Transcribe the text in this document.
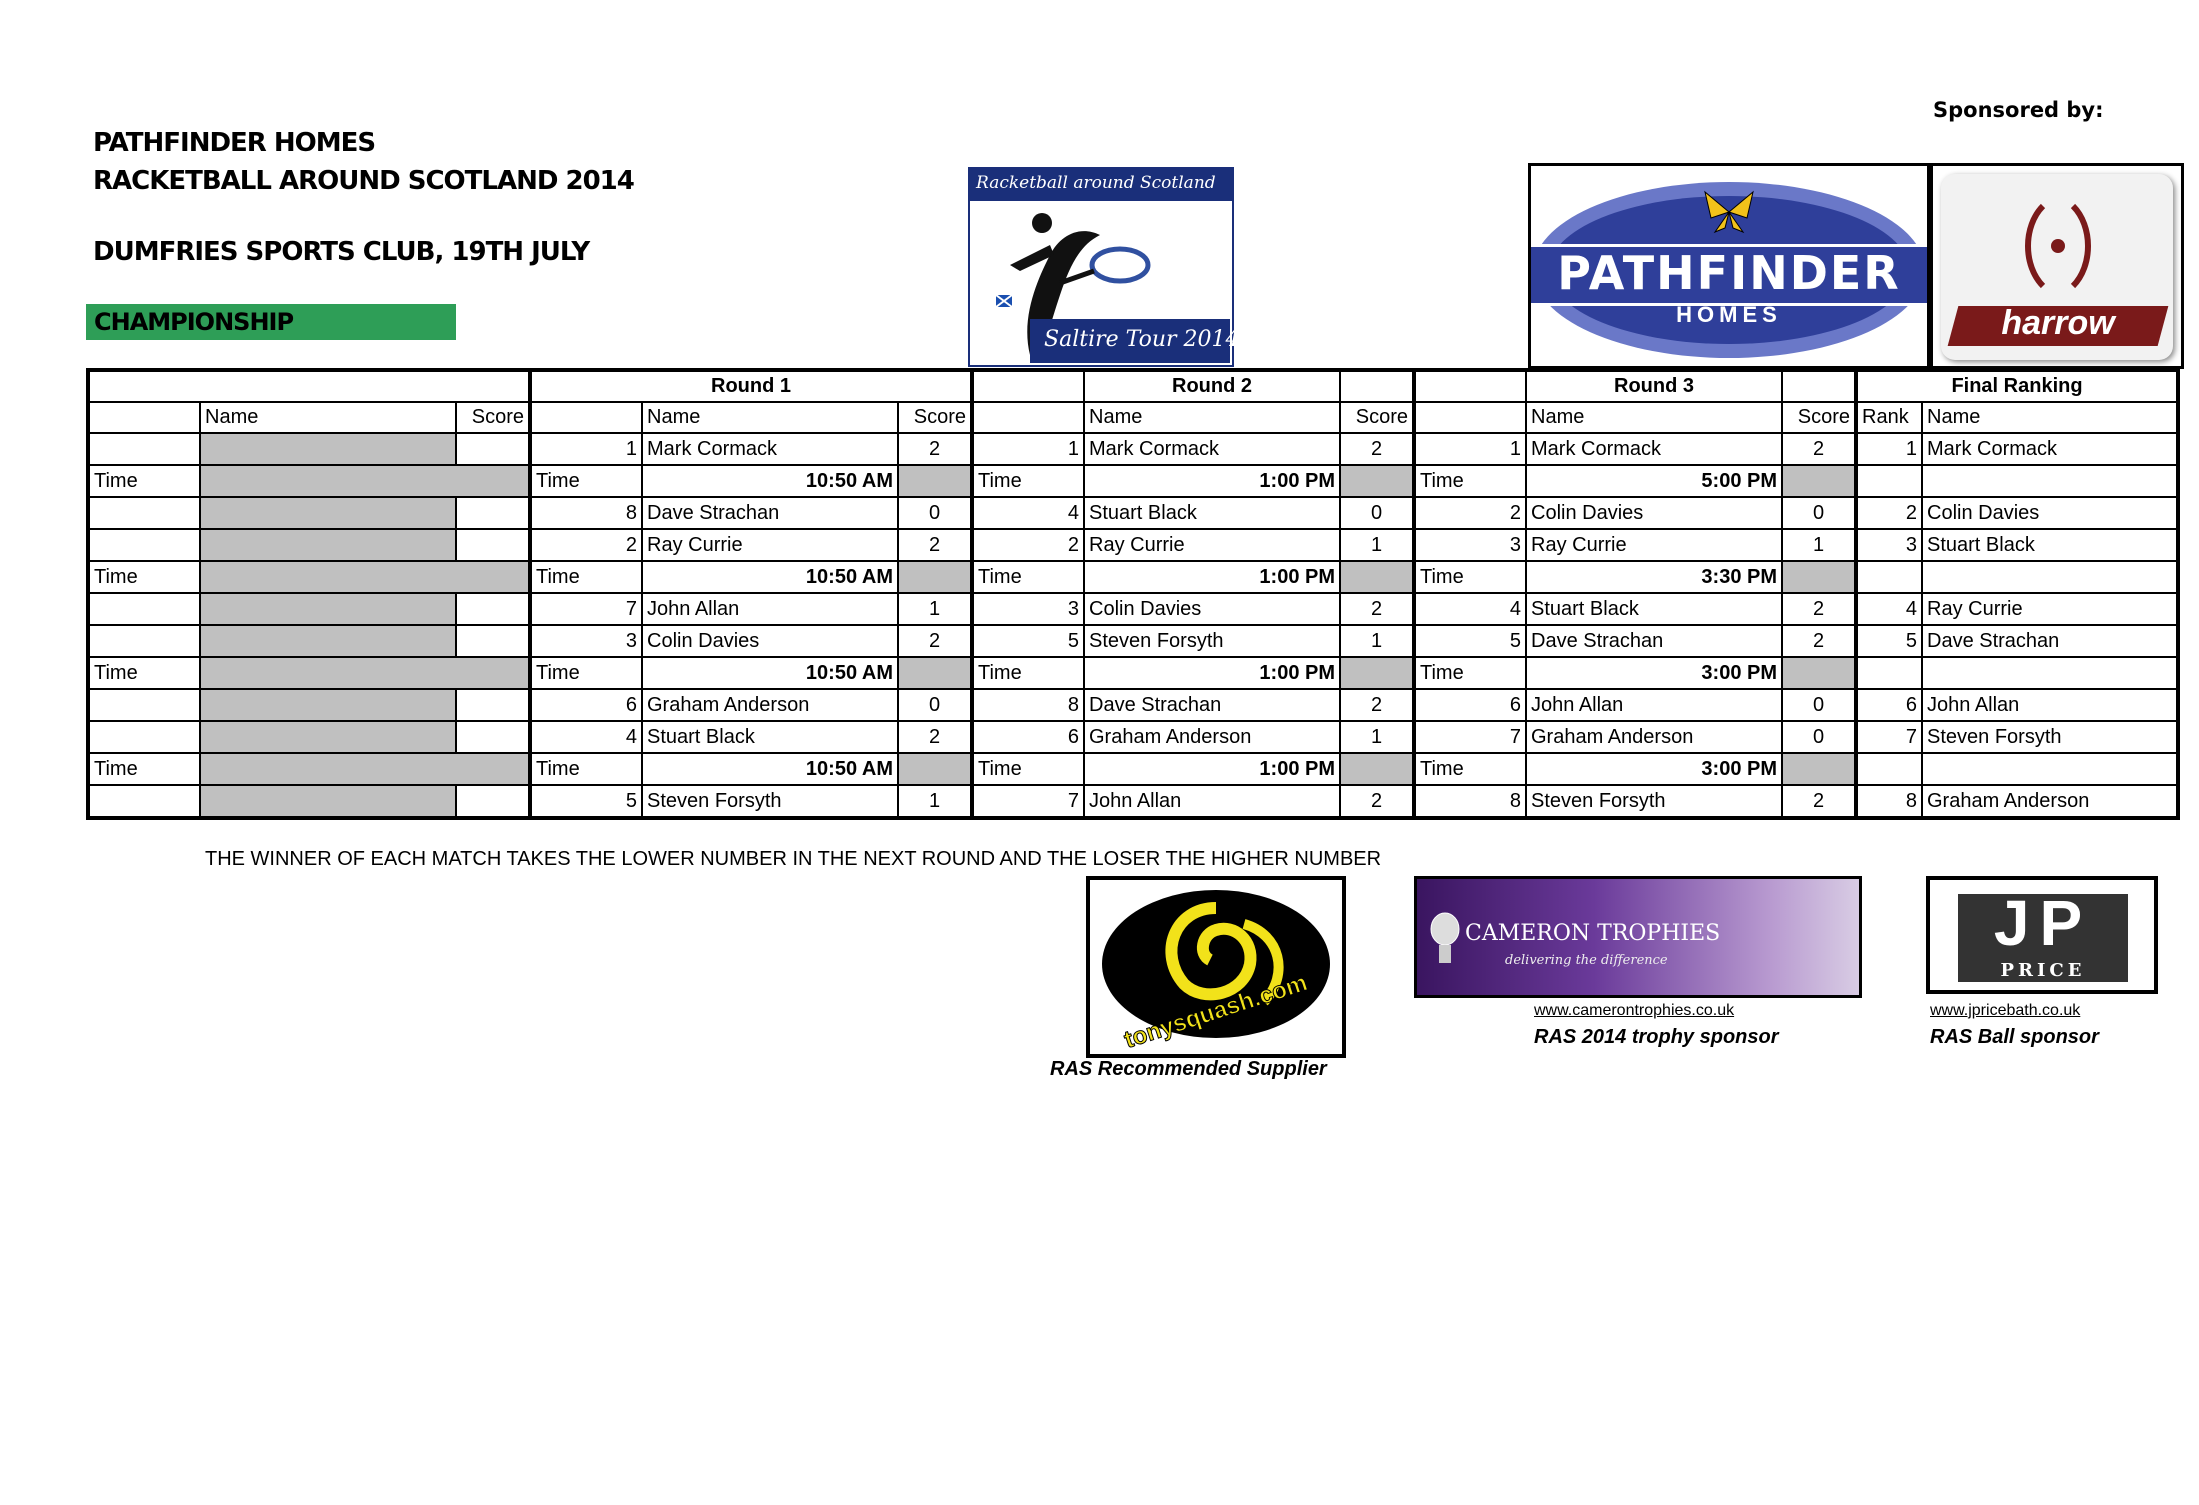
Sponsored by:
PATHFINDER HOMES
RACKETBALL AROUND SCOTLAND 2014
DUMFRIES SPORTS CLUB, 19TH JULY
CHAMPIONSHIP
Racketball around Scotland
Saltire Tour 2014
PATHFINDER
HOMES	harrow
			Round 1				Round 2			Round 3		Final Ranking	
	Name	Score		Name	Score		Name	Score		Name	Score	Rank	Name
			1	Mark Cormack	2	1	Mark Cormack	2	1	Mark Cormack	2	1	Mark Cormack
Time			Time	10:50 AM		Time	1:00 PM		Time	5:00 PM			
			8	Dave Strachan	0	4	Stuart Black	0	2	Colin Davies	0	2	Colin Davies
			2	Ray Currie	2	2	Ray Currie	1	3	Ray Currie	1	3	Stuart Black
Time			Time	10:50 AM		Time	1:00 PM		Time	3:30 PM			
			7	John Allan	1	3	Colin Davies	2	4	Stuart Black	2	4	Ray Currie
			3	Colin Davies	2	5	Steven Forsyth	1	5	Dave Strachan	2	5	Dave Strachan
Time			Time	10:50 AM		Time	1:00 PM		Time	3:00 PM			
			6	Graham Anderson	0	8	Dave Strachan	2	6	John Allan	0	6	John Allan
			4	Stuart Black	2	6	Graham Anderson	1	7	Graham Anderson	0	7	Steven Forsyth
Time			Time	10:50 AM		Time	1:00 PM		Time	3:00 PM			
			5	Steven Forsyth	1	7	John Allan	2	8	Steven Forsyth	2	8	Graham Anderson
THE WINNER OF EACH MATCH TAKES THE LOWER NUMBER IN THE NEXT ROUND AND THE LOSER THE HIGHER NUMBER
tonysquash.com
RAS Recommended Supplier
CAMERON TROPHIES
delivering the difference
www.camerontrophies.co.uk
RAS 2014 trophy sponsor
JP
PRICE
www.jpricebath.co.uk
RAS Ball sponsor
